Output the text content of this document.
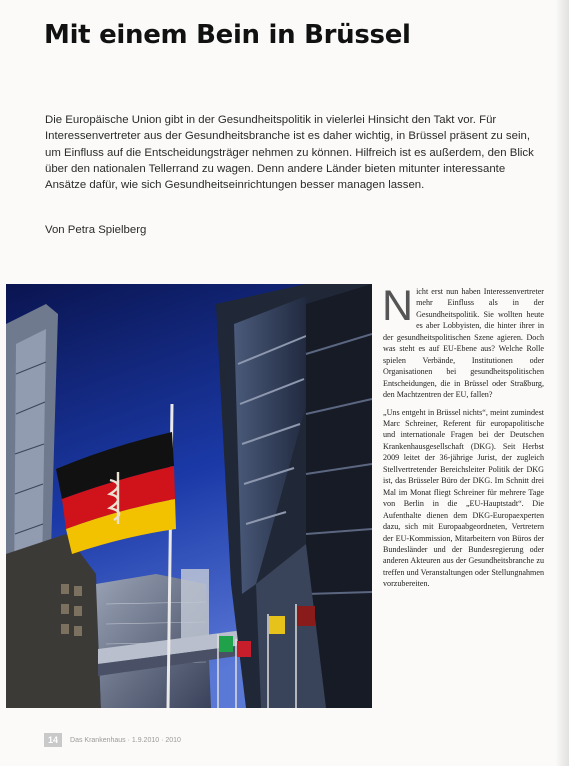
Mit einem Bein in Brüssel

Die Europäische Union gibt in der Gesundheitspolitik in vielerlei Hinsicht den Takt vor. Für Interessenvertreter aus der Gesundheitsbranche ist es daher wichtig, in Brüssel präsent zu sein, um Einfluss auf die Entscheidungsträger nehmen zu können. Hilfreich ist es außerdem, den Blick über den nationalen Tellerrand zu wagen. Denn andere Länder bieten mitunter interessante Ansätze dafür, wie sich Gesundheitseinrichtungen besser managen lassen.

Von Petra Spielberg

Nicht erst nun haben Interessenvertreter mehr Einfluss als in der Gesundheitspolitik. Sie wollten heute es aber Lobbyisten, die hinter ihrer in der gesundheitspolitischen Szene agieren. Doch was steht es auf EU-Ebene aus? Welche Rolle spielen Verbände, Institutionen oder Organisationen bei gesundheitspolitischen Entscheidungen, die in Brüssel oder Straßburg, den Machtzentren der EU, fallen?

„Uns entgeht in Brüssel nichts“, meint zumindest Marc Schreiner, Referent für europapolitische und internationale Fragen bei der Deutschen Krankenhausgesellschaft (DKG). Seit Herbst 2009 leitet der 36-jährige Jurist, der zugleich Stellvertretender Bereichsleiter Politik der DKG ist, das Brüsseler Büro der DKG. Im Schnitt drei Mal im Monat fliegt Schreiner für mehrere Tage von Berlin in die „EU-Hauptstadt“. Die Aufenthalte dienen dem DKG-Europaexperten dazu, sich mit Europaabgeordneten, Vertretern der EU-Kommission, Mitarbeitern von Büros der Bundesländer und der Bundesregierung oder anderen Akteuren aus der Gesundheitsbranche zu treffen und Veranstaltungen oder Stellungnahmen vorzubereiten.

14	Das Krankenhaus · 1.9.2010 · 2010
